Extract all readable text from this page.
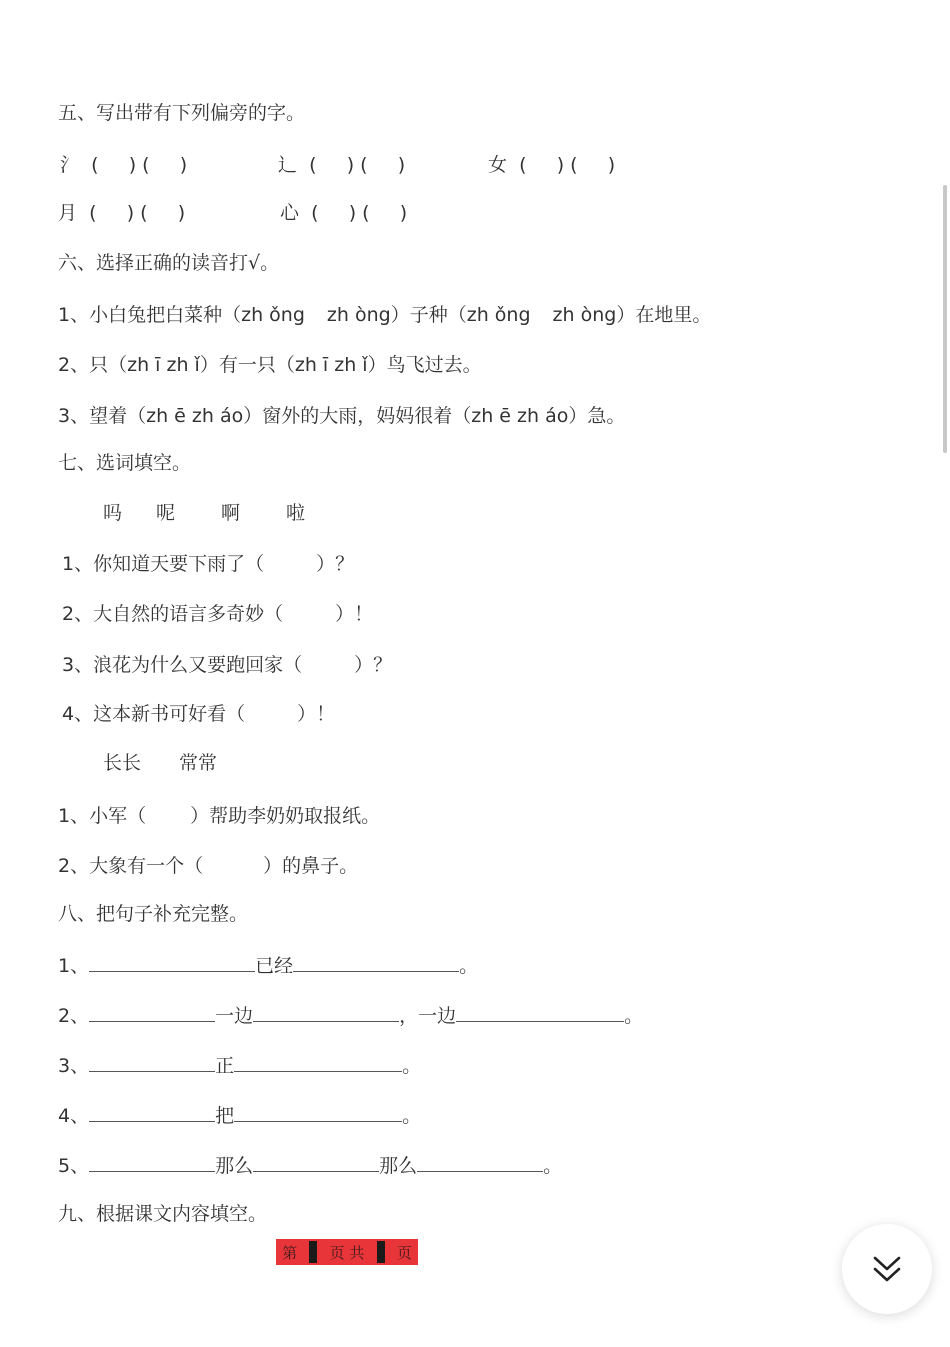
五、写出带有下列偏旁的字。
氵  (     ) (     )	辶  (     ) (     )	女  (     ) (     )
月  (     ) (     )	心  (     ) (     )
六、选择正确的读音打√。
1、小白兔把白菜种（zh ǒng zh òng）子种（zh ǒng zh òng）在地里。
2、只（zh ī zh ǐ）有一只（zh ī zh ǐ）鸟飞过去。
3、望着（zh ē zh áo）窗外的大雨，妈妈很着（zh ē zh áo）急。
七、选词填空。
吗 呢 啊 啦
1、你知道天要下雨了（	）？
2、大自然的语言多奇妙（	）！
3、浪花为什么又要跑回家（	）？
4、这本新书可好看（	）！
长长 常常
1、小军（ ）帮助李奶奶取报纸。
2、大象有一个（	）的鼻子。
八、把句子补充完整。
1、	已经	。
2、	一边	，一边	。
3、	正	。
4、	把	。
5、	那么	那么	。
九、根据课文内容填空。
第 页 共 页
